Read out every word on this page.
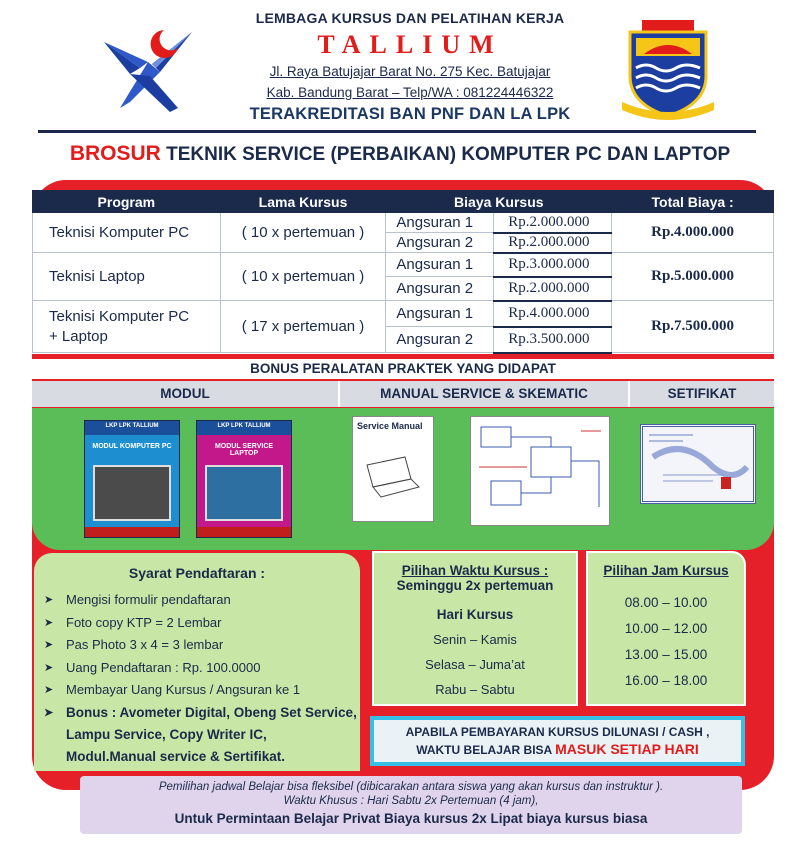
LEMBAGA KURSUS DAN PELATIHAN KERJA
TALLIUM
Jl. Raya Batujajar Barat No. 275 Kec. Batujajar
Kab. Bandung Barat – Telp/WA : 081224446322
TERAKREDITASI BAN PNF DAN LA LPK
BROSUR TEKNIK SERVICE (PERBAIKAN) KOMPUTER PC DAN LAPTOP
Program	Lama Kursus	Biaya Kursus		Total Biaya :
Teknisi Komputer PC	( 10 x pertemuan )	Angsuran 1	Rp.2.000.000	Rp.4.000.000
		Angsuran 2	Rp.2.000.000	
Teknisi Laptop	( 10 x pertemuan )	Angsuran 1	Rp.3.000.000	Rp.5.000.000
		Angsuran 2	Rp.2.000.000	

Teknisi Komputer PC
+ Laptop	( 17 x pertemuan )	Angsuran 1	Rp.4.000.000	Rp.7.500.000
		Angsuran 2	Rp.3.500.000	
BONUS PERALATAN PRAKTEK YANG DIDAPAT
MODUL	MANUAL SERVICE & SKEMATIC	SETIFIKAT
LKP LPK TALLIUM
MODUL KOMPUTER PC
LKP LPK TALLIUM
MODUL SERVICE LAPTOP
Service Manual
Syarat Pendaftaran :
➤ Mengisi formulir pendaftaran
➤ Foto copy KTP = 2 Lembar
➤ Pas Photo 3 x 4 = 3 lembar
➤ Uang Pendaftaran : Rp. 100.0000
➤ Membayar Uang Kursus / Angsuran ke 1
➤ Bonus : Avometer Digital, Obeng Set Service, Lampu Service, Copy Writer IC, Modul.Manual service & Sertifikat.
Pilihan Waktu Kursus :
Seminggu 2x pertemuan
Hari Kursus
Senin – Kamis
Selasa – Juma’at
Rabu – Sabtu
Pilihan Jam Kursus
08.00 – 10.00
10.00 – 12.00
13.00 – 15.00
16.00 – 18.00
APABILA PEMBAYARAN KURSUS DILUNASI / CASH ,
WAKTU BELAJAR BISA MASUK SETIAP HARI
Pemilihan jadwal Belajar bisa fleksibel (dibicarakan antara siswa yang akan kursus dan instruktur ).
Waktu Khusus : Hari Sabtu 2x Pertemuan (4 jam),
Untuk Permintaan Belajar Privat Biaya kursus 2x Lipat biaya kursus biasa
